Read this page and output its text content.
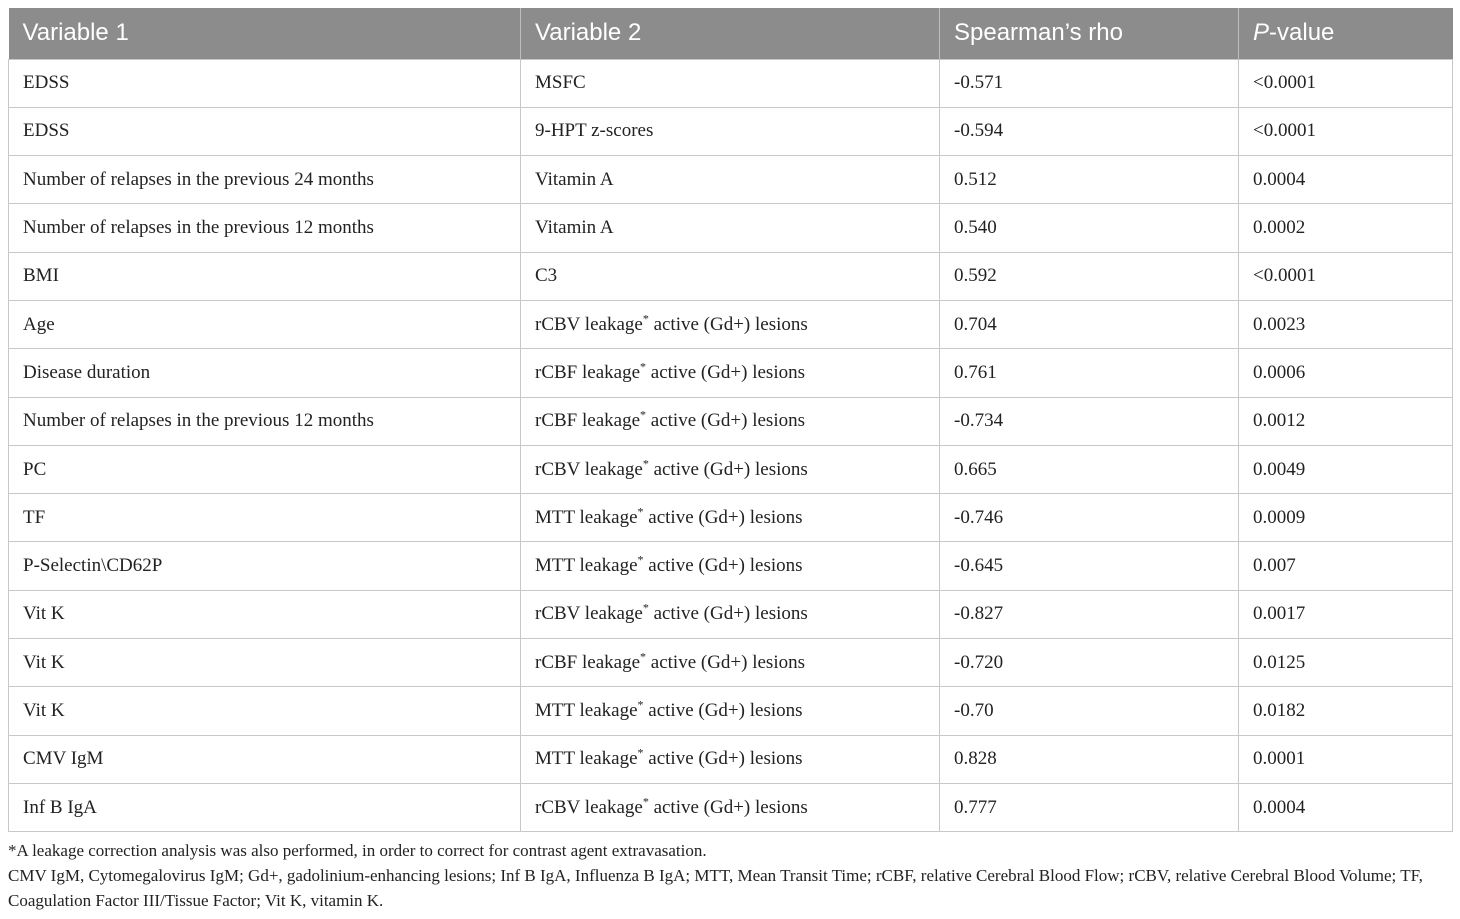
Variable 1	Variable 2	Spearman’s rho	P-value
EDSS	MSFC	-0.571	<0.0001
EDSS	9-HPT z-scores	-0.594	<0.0001
Number of relapses in the previous 24 months	Vitamin A	0.512	0.0004
Number of relapses in the previous 12 months	Vitamin A	0.540	0.0002
BMI	C3	0.592	<0.0001
Age	rCBV leakage* active (Gd+) lesions	0.704	0.0023
Disease duration	rCBF leakage* active (Gd+) lesions	0.761	0.0006
Number of relapses in the previous 12 months	rCBF leakage* active (Gd+) lesions	-0.734	0.0012
PC	rCBV leakage* active (Gd+) lesions	0.665	0.0049
TF	MTT leakage* active (Gd+) lesions	-0.746	0.0009
P-Selectin\CD62P	MTT leakage* active (Gd+) lesions	-0.645	0.007
Vit K	rCBV leakage* active (Gd+) lesions	-0.827	0.0017
Vit K	rCBF leakage* active (Gd+) lesions	-0.720	0.0125
Vit K	MTT leakage* active (Gd+) lesions	-0.70	0.0182
CMV IgM	MTT leakage* active (Gd+) lesions	0.828	0.0001
Inf B IgA	rCBV leakage* active (Gd+) lesions	0.777	0.0004

*A leakage correction analysis was also performed, in order to correct for contrast agent extravasation.

CMV IgM, Cytomegalovirus IgM; Gd+, gadolinium-enhancing lesions; Inf B IgA, Influenza B IgA; MTT, Mean Transit Time; rCBF, relative Cerebral Blood Flow; rCBV, relative Cerebral Blood Volume; TF, Coagulation Factor III/Tissue Factor; Vit K, vitamin K.
